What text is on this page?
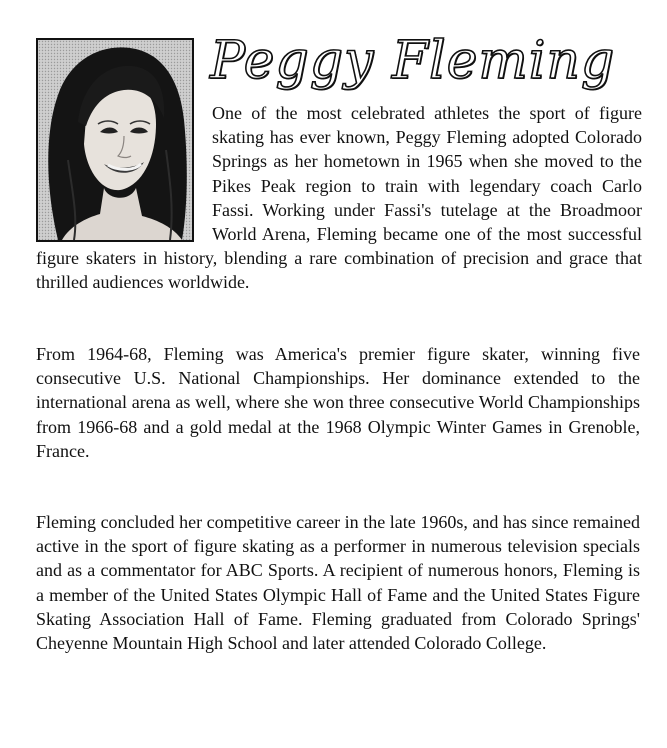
Peggy Fleming

One of the most celebrated athletes the sport of figure skating has ever known, Peggy Fleming adopted Colorado Springs as her hometown in 1965 when she moved to the Pikes Peak region to train with legendary coach Carlo Fassi. Working under Fassi's tutelage at the Broadmoor World Arena, Fleming became one of the most successful figure skaters in history, blending a rare combination of precision and grace that thrilled audiences worldwide.

From 1964-68, Fleming was America's premier figure skater, winning five consecutive U.S. National Championships. Her dominance extended to the international arena as well, where she won three consecutive World Championships from 1966-68 and a gold medal at the 1968 Olympic Winter Games in Grenoble, France.

Fleming concluded her competitive career in the late 1960s, and has since remained active in the sport of figure skating as a performer in numerous television specials and as a commentator for ABC Sports. A recipient of numerous honors, Fleming is a member of the United States Olympic Hall of Fame and the United States Figure Skating Association Hall of Fame. Fleming graduated from Colorado Springs' Cheyenne Mountain High School and later attended Colorado College.
